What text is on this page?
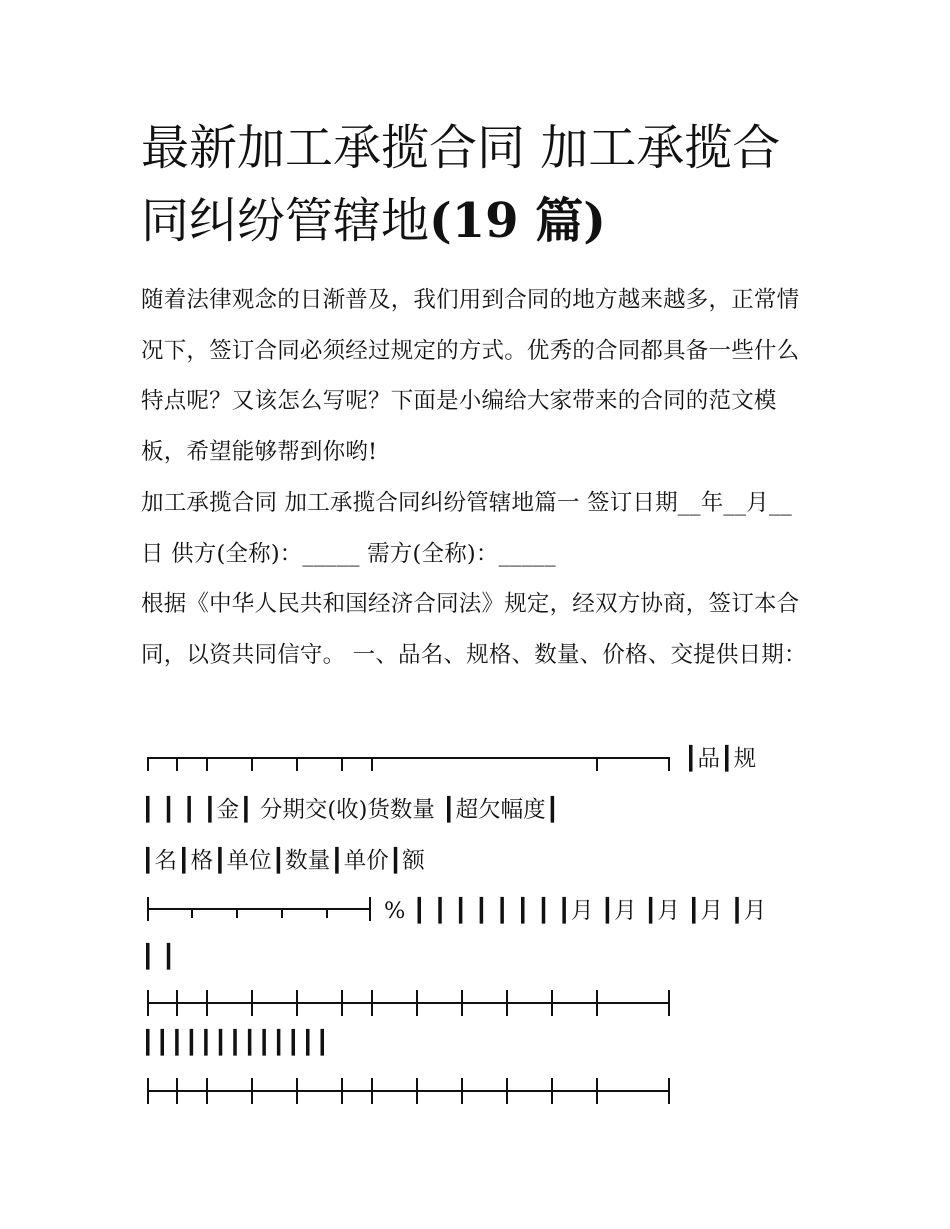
最新加工承揽合同 加工承揽合同纠纷管辖地(19 篇)

随着法律观念的日渐普及，我们用到合同的地方越来越多，正常情况下，签订合同必须经过规定的方式。优秀的合同都具备一些什么特点呢？又该怎么写呢？下面是小编给大家带来的合同的范文模板，希望能够帮到你哟!

加工承揽合同 加工承揽合同纠纷管辖地篇一 签订日期__年__月__日 供方(全称)：_____ 需方(全称)：_____

根据《中华人民共和国经济合同法》规定，经双方协商，签订本合同，以资共同信守。 一、品名、规格、数量、价格、交提供日期：

┃品┃规

┃ ┃ ┃ ┃金┃ 分期交(收)货数量 ┃超欠幅度┃

┃名┃格┃单位┃数量┃单价┃额

% ┃ ┃ ┃ ┃ ┃ ┃ ┃ ┃月 ┃月 ┃月 ┃月 ┃月

┃ ┃

┃┃┃┃┃┃┃┃┃┃┃┃┃
